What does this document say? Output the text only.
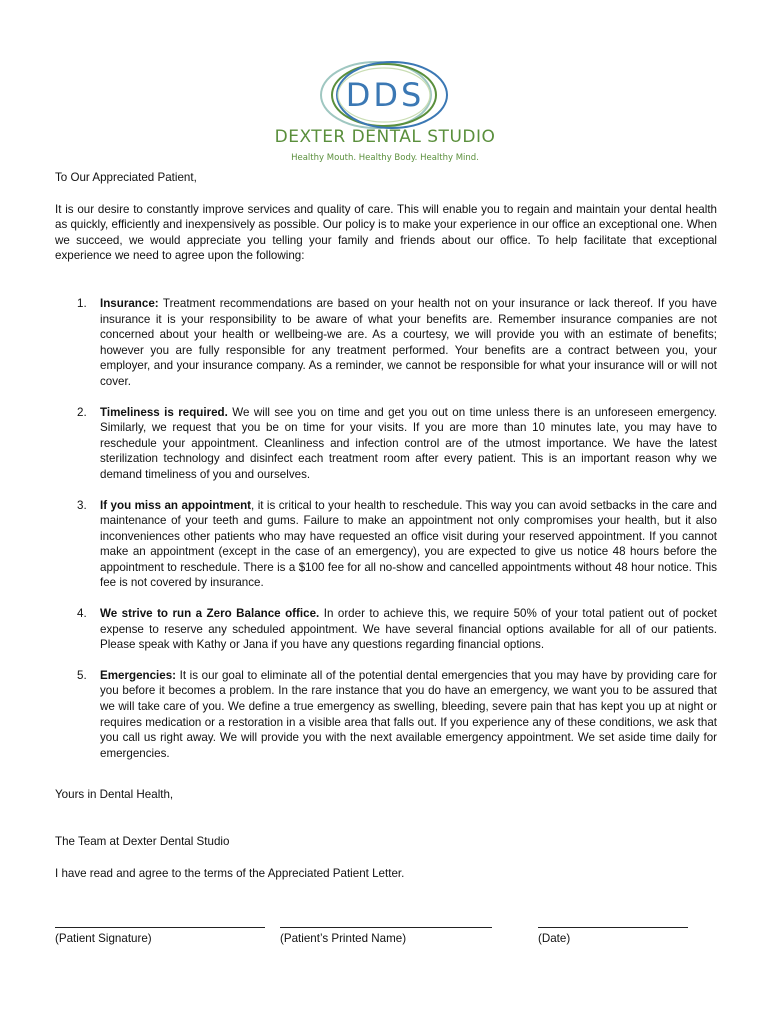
DDS
DEXTER DENTAL STUDIO
Healthy Mouth. Healthy Body. Healthy Mind.

To Our Appreciated Patient,

It is our desire to constantly improve services and quality of care. This will enable you to regain and maintain your dental health as quickly, efficiently and inexpensively as possible. Our policy is to make your experience in our office an exceptional one. When we succeed, we would appreciate you telling your family and friends about our office. To help facilitate that exceptional experience we need to agree upon the following:

1. Insurance: Treatment recommendations are based on your health not on your insurance or lack thereof. If you have insurance it is your responsibility to be aware of what your benefits are. Remember insurance companies are not concerned about your health or wellbeing-we are. As a courtesy, we will provide you with an estimate of benefits; however you are fully responsible for any treatment performed. Your benefits are a contract between you, your employer, and your insurance company. As a reminder, we cannot be responsible for what your insurance will or will not cover.
2. Timeliness is required. We will see you on time and get you out on time unless there is an unforeseen emergency. Similarly, we request that you be on time for your visits. If you are more than 10 minutes late, you may have to reschedule your appointment. Cleanliness and infection control are of the utmost importance. We have the latest sterilization technology and disinfect each treatment room after every patient. This is an important reason why we demand timeliness of you and ourselves.
3. If you miss an appointment, it is critical to your health to reschedule. This way you can avoid setbacks in the care and maintenance of your teeth and gums. Failure to make an appointment not only compromises your health, but it also inconveniences other patients who may have requested an office visit during your reserved appointment. If you cannot make an appointment (except in the case of an emergency), you are expected to give us notice 48 hours before the appointment to reschedule. There is a $100 fee for all no-show and cancelled appointments without 48 hour notice. This fee is not covered by insurance.
4. We strive to run a Zero Balance office. In order to achieve this, we require 50% of your total patient out of pocket expense to reserve any scheduled appointment. We have several financial options available for all of our patients. Please speak with Kathy or Jana if you have any questions regarding financial options.
5. Emergencies: It is our goal to eliminate all of the potential dental emergencies that you may have by providing care for you before it becomes a problem. In the rare instance that you do have an emergency, we want you to be assured that we will take care of you. We define a true emergency as swelling, bleeding, severe pain that has kept you up at night or requires medication or a restoration in a visible area that falls out. If you experience any of these conditions, we ask that you call us right away. We will provide you with the next available emergency appointment. We set aside time daily for emergencies.

Yours in Dental Health,

The Team at Dexter Dental Studio

I have read and agree to the terms of the Appreciated Patient Letter.

(Patient Signature)	(Patient’s Printed Name)	(Date)
